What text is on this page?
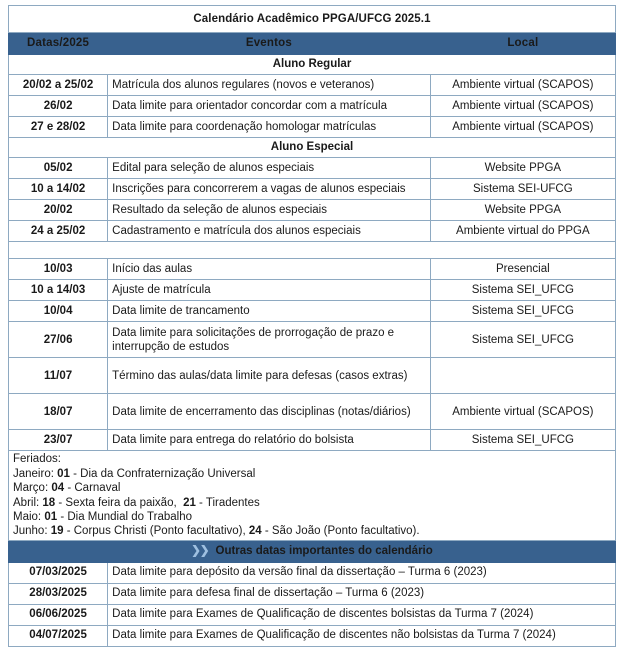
Calendário Acadêmico PPGA/UFCG 2025.1		
Datas/2025	Eventos	Local
Aluno Regular		
20/02 a 25/02	Matrícula dos alunos regulares (novos e veteranos)	Ambiente virtual (SCAPOS)
26/02	Data limite para orientador concordar com a matrícula	Ambiente virtual (SCAPOS)
27 e 28/02	Data limite para coordenação homologar matrículas	Ambiente virtual (SCAPOS)
Aluno Especial		
05/02	Edital para seleção de alunos especiais	Website PPGA
10 a 14/02	Inscrições para concorrerem a vagas de alunos especiais	Sistema SEI-UFCG
20/02	Resultado da seleção de alunos especiais	Website PPGA
24 a 25/02	Cadastramento e matrícula dos alunos especiais	Ambiente virtual do PPGA

10/03	Início das aulas	Presencial
10 a 14/03	Ajuste de matrícula	Sistema SEI_UFCG
10/04	Data limite de trancamento	Sistema SEI_UFCG
27/06	Data limite para solicitações de prorrogação de prazo e interrupção de estudos	Sistema SEI_UFCG
11/07	Término das aulas/data limite para defesas (casos extras)	
18/07	Data limite de encerramento das disciplinas (notas/diários)	Ambiente virtual (SCAPOS)
23/07	Data limite para entrega do relatório do bolsista	Sistema SEI_UFCG

Feriados:
Janeiro: 01 - Dia da Confraternização Universal
Março: 04 - Carnaval
Abril: 18 - Sexta feira da paixão,  21 - Tiradentes
Maio: 01 - Dia Mundial do Trabalho
Junho: 19 - Corpus Christi (Ponto facultativo), 24 - São João (Ponto facultativo).

❯❯ Outras datas importantes do calendário		
07/03/2025	Data limite para depósito da versão final da dissertação – Turma 6 (2023)	
28/03/2025	Data limite para defesa final de dissertação – Turma 6 (2023)	
06/06/2025	Data limite para Exames de Qualificação de discentes bolsistas da Turma 7 (2024)	
04/07/2025	Data limite para Exames de Qualificação de discentes não bolsistas da Turma 7 (2024)	
